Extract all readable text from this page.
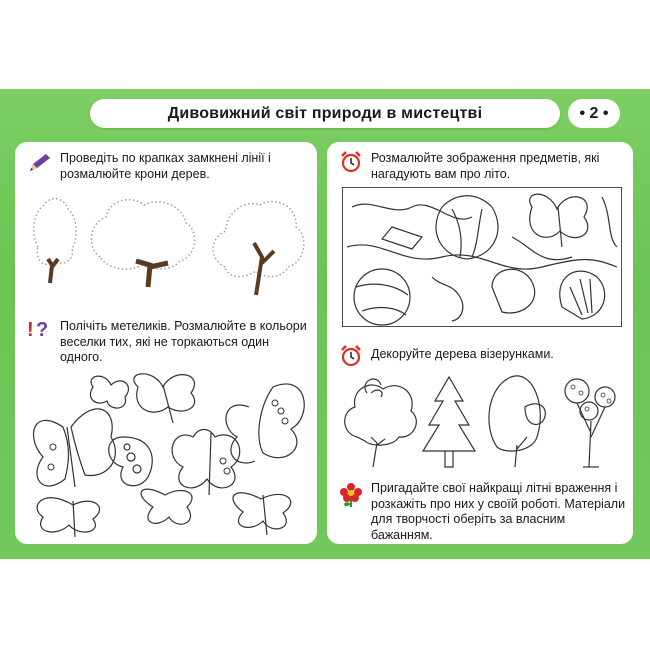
Дивовижний світ природи в мистецтві	• 2 •
Проведіть по крапках замкнені лінії і розмалюйте крони дерев.
! ? Полічіть метеликів. Розмалюйте в кольори веселки тих, які не торкаються один одного.
Розмалюйте зображення предметів, які нагадують вам про літо.
Декоруйте дерева візерунками.
Пригадайте свої найкращі літні враження і розкажіть про них у своїй роботі. Матеріали для творчості оберіть за власним бажанням.
